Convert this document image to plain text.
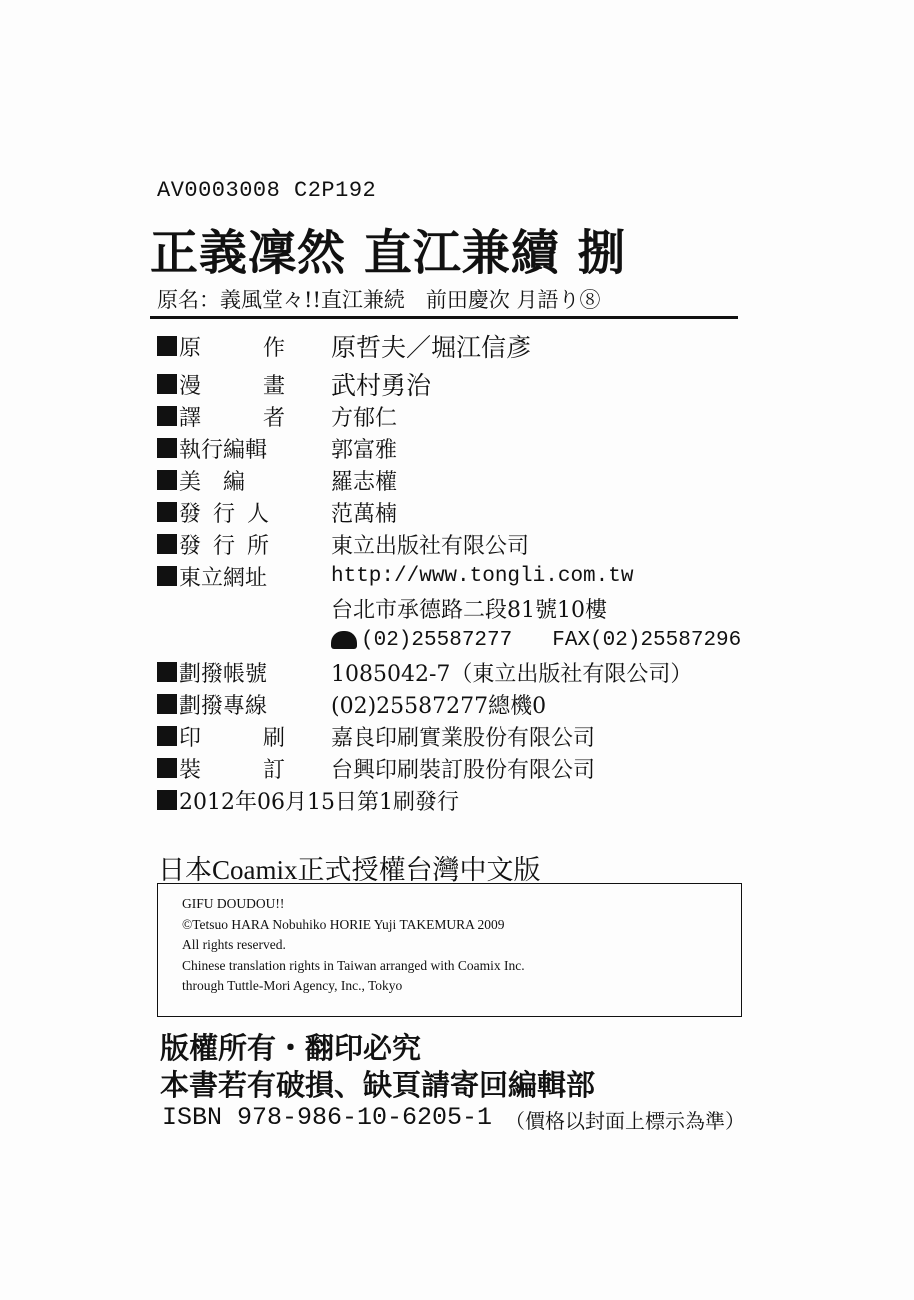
AV0003008 C2P192
正義凜然 直江兼續 捌
原名：義風堂々!!直江兼続　前田慶次 月語り⑧
原	作 原哲夫／堀江信彥
漫	畫 武村勇治
譯	者 方郁仁
執行編輯	郭富雅
美編	羅志權
發行人	范萬楠
發行所	東立出版社有限公司
東立網址	http://www.tongli.com.tw
台北市承德路二段81號10樓
(02)25587277 FAX(02)25587296
劃撥帳號	1085042-7（東立出版社有限公司）
劃撥專線	(02)25587277總機0
印	刷 嘉良印刷實業股份有限公司
裝	訂 台興印刷裝訂股份有限公司
2012年06月15日第1刷發行
日本Coamix正式授權台灣中文版
GIFU DOUDOU!!
©Tetsuo HARA Nobuhiko HORIE Yuji TAKEMURA 2009
All rights reserved.
Chinese translation rights in Taiwan arranged with Coamix Inc.
through Tuttle-Mori Agency, Inc., Tokyo
版權所有・翻印必究
本書若有破損、缺頁請寄回編輯部
ISBN 978-986-10-6205-1 （價格以封面上標示為準）
